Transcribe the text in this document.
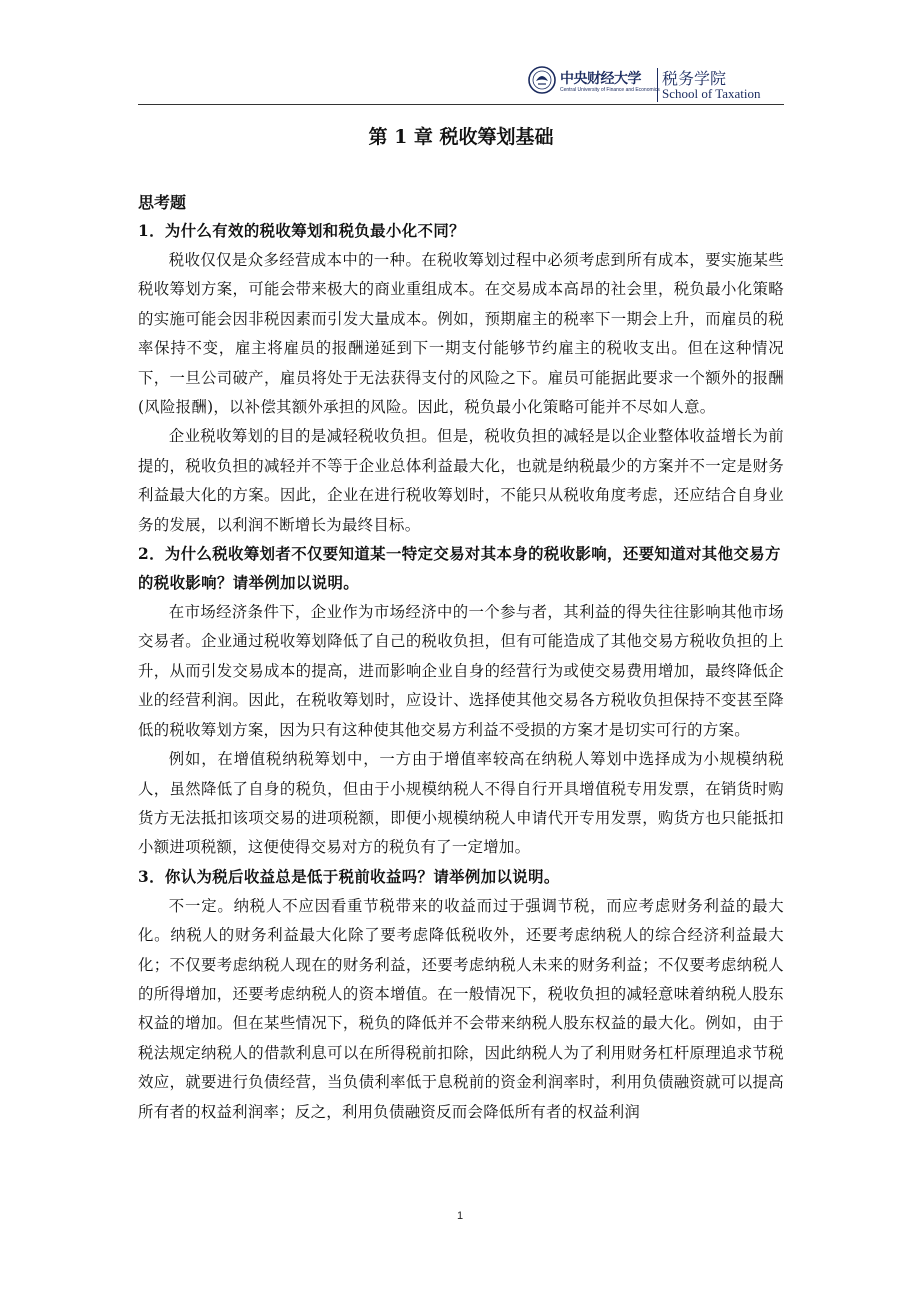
中央财经大学
Central University of Finance and Economics
税务学院
School of Taxation
第 1 章 税收筹划基础
思考题
1．为什么有效的税收筹划和税负最小化不同？

税收仅仅是众多经营成本中的一种。在税收筹划过程中必须考虑到所有成本，要实施某些税收筹划方案，可能会带来极大的商业重组成本。在交易成本高昂的社会里，税负最小化策略的实施可能会因非税因素而引发大量成本。例如，预期雇主的税率下一期会上升，而雇员的税率保持不变，雇主将雇员的报酬递延到下一期支付能够节约雇主的税收支出。但在这种情况下，一旦公司破产，雇员将处于无法获得支付的风险之下。雇员可能据此要求一个额外的报酬(风险报酬)，以补偿其额外承担的风险。因此，税负最小化策略可能并不尽如人意。

企业税收筹划的目的是减轻税收负担。但是，税收负担的减轻是以企业整体收益增长为前提的，税收负担的减轻并不等于企业总体利益最大化，也就是纳税最少的方案并不一定是财务利益最大化的方案。因此，企业在进行税收筹划时，不能只从税收角度考虑，还应结合自身业务的发展，以利润不断增长为最终目标。

2．为什么税收筹划者不仅要知道某一特定交易对其本身的税收影响，还要知道对其他交易方的税收影响？请举例加以说明。

在市场经济条件下，企业作为市场经济中的一个参与者，其利益的得失往往影响其他市场交易者。企业通过税收筹划降低了自己的税收负担，但有可能造成了其他交易方税收负担的上升，从而引发交易成本的提高，进而影响企业自身的经营行为或使交易费用增加，最终降低企业的经营利润。因此，在税收筹划时，应设计、选择使其他交易各方税收负担保持不变甚至降低的税收筹划方案，因为只有这种使其他交易方利益不受损的方案才是切实可行的方案。

例如，在增值税纳税筹划中，一方由于增值率较高在纳税人筹划中选择成为小规模纳税人，虽然降低了自身的税负，但由于小规模纳税人不得自行开具增值税专用发票，在销货时购货方无法抵扣该项交易的进项税额，即便小规模纳税人申请代开专用发票，购货方也只能抵扣小额进项税额，这便使得交易对方的税负有了一定增加。

3．你认为税后收益总是低于税前收益吗？请举例加以说明。

不一定。纳税人不应因看重节税带来的收益而过于强调节税，而应考虑财务利益的最大化。纳税人的财务利益最大化除了要考虑降低税收外，还要考虑纳税人的综合经济利益最大化；不仅要考虑纳税人现在的财务利益，还要考虑纳税人未来的财务利益；不仅要考虑纳税人的所得增加，还要考虑纳税人的资本增值。在一般情况下，税收负担的减轻意味着纳税人股东权益的增加。但在某些情况下，税负的降低并不会带来纳税人股东权益的最大化。例如，由于税法规定纳税人的借款利息可以在所得税前扣除，因此纳税人为了利用财务杠杆原理追求节税效应，就要进行负债经营，当负债利率低于息税前的资金利润率时，利用负债融资就可以提高所有者的权益利润率；反之，利用负债融资反而会降低所有者的权益利润

1
